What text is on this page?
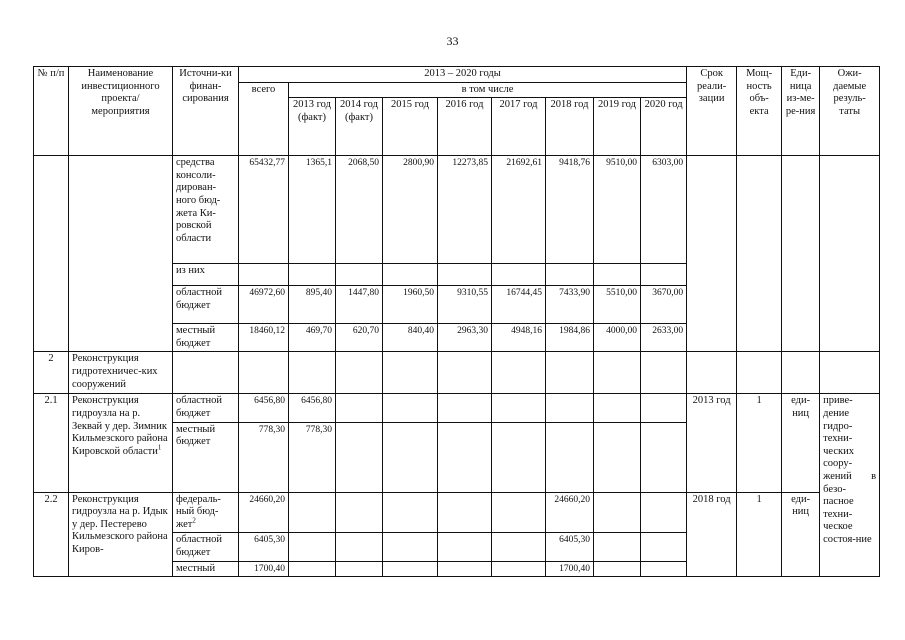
33
№ п/п	Наименование инвестиционного проекта/ мероприятия	Источни-ки финан-сирования	2013 – 2020 годы									Срок реали-зации	Мощ-ность объ-екта	Еди-ница из-ме-ре-ния	Ожи-даемые резуль-таты
			всего	в том числе											
				2013 год (факт)	2014 год (факт)	2015 год	2016 год	2017 год	2018 год	2019 год	2020 год				
		средства консоли-дирован-ного бюд-жета Ки-ровской области	65432,77	1365,1	2068,50	2800,90	12273,85	21692,61	9418,76	9510,00	6303,00				
		из них													
		областной бюджет	46972,60	895,40	1447,80	1960,50	9310,55	16744,45	7433,90	5510,00	3670,00				
		местный бюджет	18460,12	469,70	620,70	840,40	2963,30	4948,16	1984,86	4000,00	2633,00				
2	Реконструкция гидротехничес-ких сооружений														
2.1	Реконструкция гидроузла на р. Зеквай у дер. Зимник Кильмезского района Кировской области$^1$	областной бюджет	6456,80	6456,80								2013 год	1	еди-ниц	приве-дение гидро-техни-ческих соору-жений в безо-пасное техни-ческое состоя-ние
		местный бюджет	778,30	778,30											
2.2	Реконструкция гидроузла на р. Идык у дер. Пестерево Кильмезского района Киров-	федераль-ный бюд-жет$^2$	24660,20						24660,20			2018 год	1	еди-ниц	
		областной бюджет	6405,30						6405,30						
		местный	1700,40						1700,40						
